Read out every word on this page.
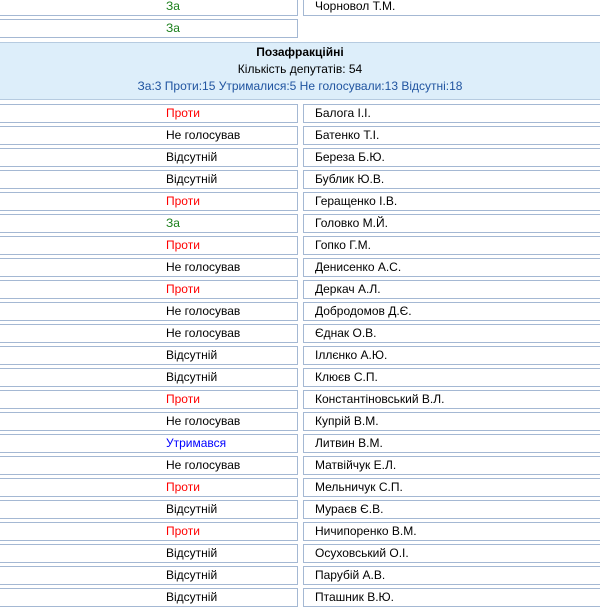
За	Чорновол Т.М.
За
Позафракційні
Кількість депутатів: 54
За:3 Проти:15 Утрималися:5 Не голосували:13 Відсутні:18
Проти	Балога І.І.
Не голосував	Батенко Т.І.
Відсутній	Береза Б.Ю.
Відсутній	Бублик Ю.В.
Проти	Геращенко І.В.
За	Головко М.Й.
Проти	Гопко Г.М.
Не голосував	Денисенко А.С.
Проти	Деркач А.Л.
Не голосував	Добродомов Д.Є.
Не голосував	Єднак О.В.
Відсутній	Іллєнко А.Ю.
Відсутній	Клюєв С.П.
Проти	Константіновський В.Л.
Не голосував	Купрій В.М.
Утримався	Литвин В.М.
Не голосував	Матвійчук Е.Л.
Проти	Мельничук С.П.
Відсутній	Мураєв Є.В.
Проти	Ничипоренко В.М.
Відсутній	Осуховський О.І.
Відсутній	Парубій А.В.
Відсутній	Пташник В.Ю.
